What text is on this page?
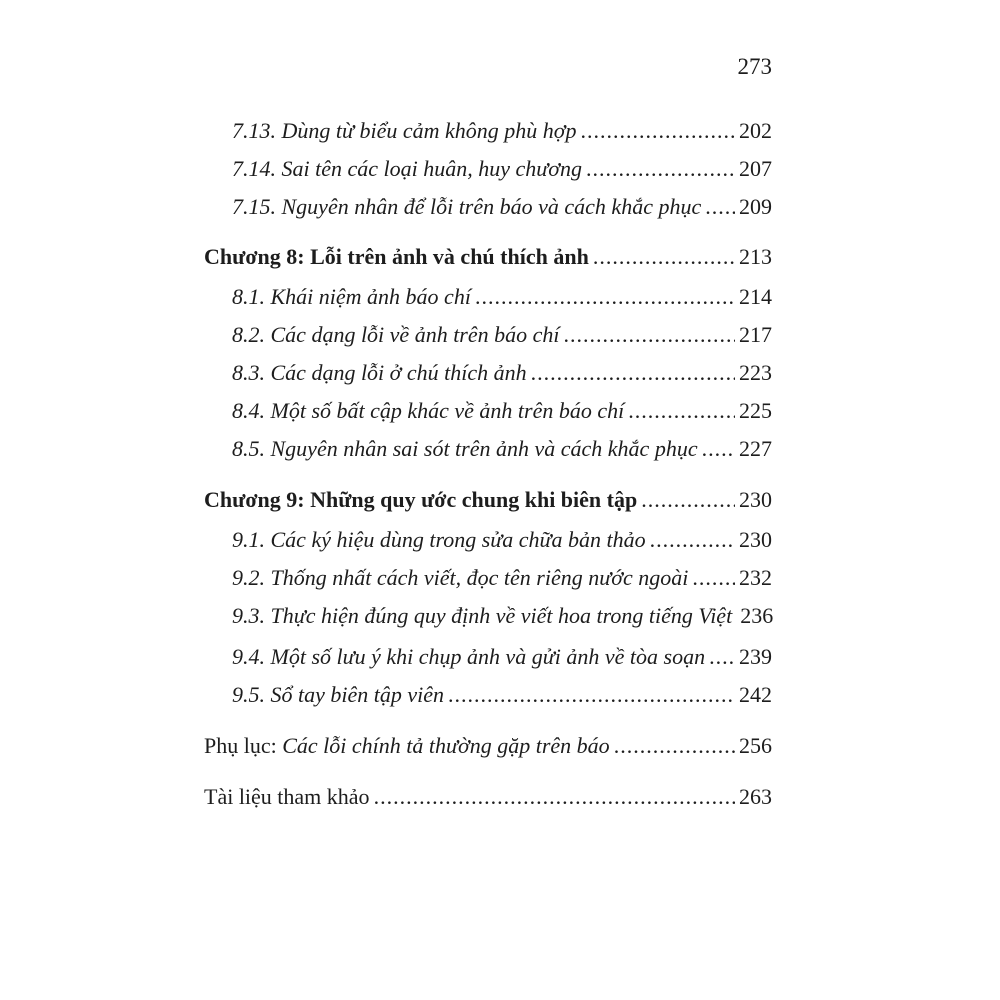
273
7.13. Dùng từ biểu cảm không phù hợp .....	202
7.14. Sai tên các loại huân, huy chương .....	207
7.15. Nguyên nhân để lỗi trên báo và cách khắc phục ..... 209
Chương 8: Lỗi trên ảnh và chú thích ảnh .....	213
8.1. Khái niệm ảnh báo chí .....	214
8.2. Các dạng lỗi về ảnh trên báo chí .....	217
8.3. Các dạng lỗi ở chú thích ảnh .....	223
8.4. Một số bất cập khác về ảnh trên báo chí .....	225
8.5. Nguyên nhân sai sót trên ảnh và cách khắc phục ..... 227
Chương 9: Những quy ước chung khi biên tập .....	230
9.1. Các ký hiệu dùng trong sửa chữa bản thảo .....	230
9.2. Thống nhất cách viết, đọc tên riêng nước ngoài ..... 232
9.3. Thực hiện đúng quy định về viết hoa trong tiếng Việt 236
9.4. Một số lưu ý khi chụp ảnh và gửi ảnh về tòa soạn ..... 239
9.5. Sổ tay biên tập viên .....	242
Phụ lục: Các lỗi chính tả thường gặp trên báo .....	256
Tài liệu tham khảo .....	263
